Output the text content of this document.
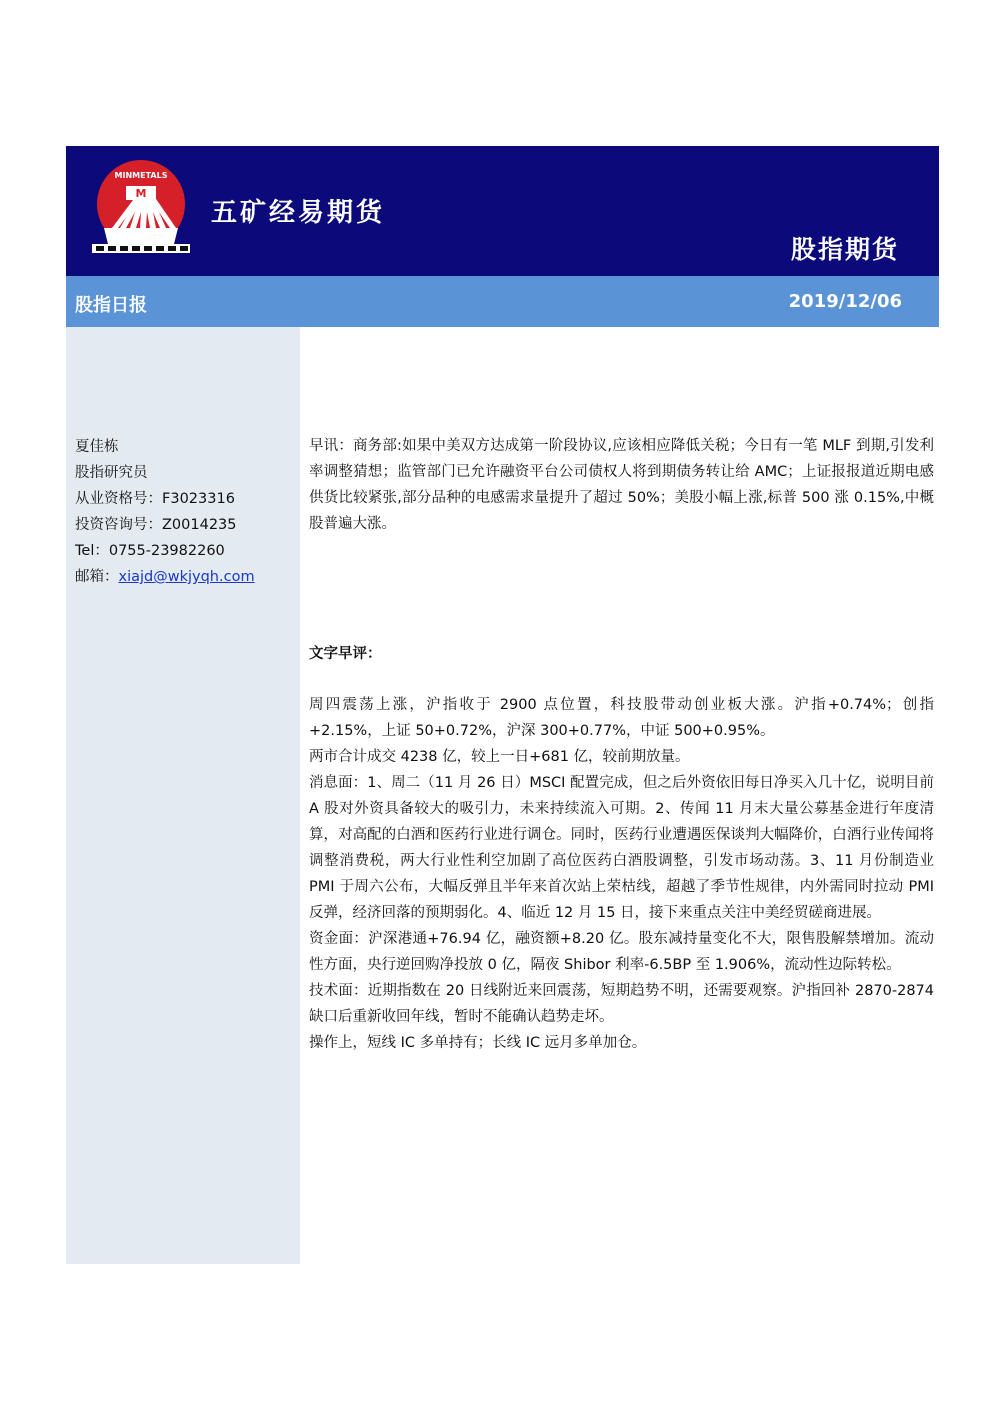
M
MINMETALS
五矿经易期货
股指期货
股指日报	2019/12/06
夏佳栋
股指研究员
从业资格号：F3023316
投资咨询号：Z0014235
Tel：0755-23982260
邮箱：xiajd@wkjyqh.com

早讯：商务部:如果中美双方达成第一阶段协议,应该相应降低关税；今日有一笔 MLF 到期,引发利率调整猜想；监管部门已允许融资平台公司债权人将到期债务转让给 AMC；上证报报道近期电感供货比较紧张,部分品种的电感需求量提升了超过 50%；美股小幅上涨,标普 500 涨 0.15%,中概股普遍大涨。

文字早评：

周四震荡上涨，沪指收于 2900 点位置，科技股带动创业板大涨。沪指+0.74%；创指+2.15%，上证 50+0.72%，沪深 300+0.77%，中证 500+0.95%。

两市合计成交 4238 亿，较上一日+681 亿，较前期放量。

消息面：1、周二（11 月 26 日）MSCI 配置完成，但之后外资依旧每日净买入几十亿，说明目前 A 股对外资具备较大的吸引力，未来持续流入可期。2、传闻 11 月末大量公募基金进行年度清算，对高配的白酒和医药行业进行调仓。同时，医药行业遭遇医保谈判大幅降价，白酒行业传闻将调整消费税，两大行业性利空加剧了高位医药白酒股调整，引发市场动荡。3、11 月份制造业 PMI 于周六公布，大幅反弹且半年来首次站上荣枯线，超越了季节性规律，内外需同时拉动 PMI 反弹，经济回落的预期弱化。4、临近 12 月 15 日，接下来重点关注中美经贸磋商进展。

资金面：沪深港通+76.94 亿，融资额+8.20 亿。股东减持量变化不大，限售股解禁增加。流动性方面，央行逆回购净投放 0 亿，隔夜 Shibor 利率-6.5BP 至 1.906%，流动性边际转松。

技术面：近期指数在 20 日线附近来回震荡，短期趋势不明，还需要观察。沪指回补 2870-2874 缺口后重新收回年线，暂时不能确认趋势走坏。

操作上，短线 IC 多单持有；长线 IC 远月多单加仓。
